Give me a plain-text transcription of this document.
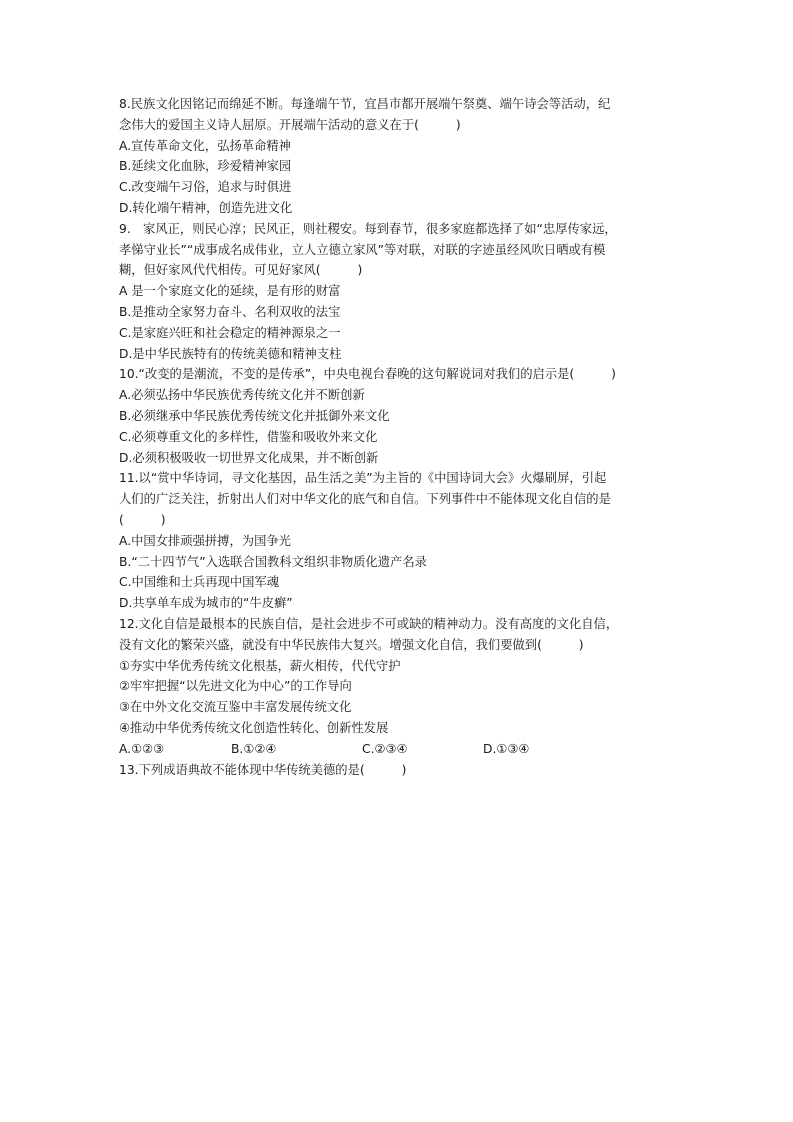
8.民族文化因铭记而绵延不断。每逢端午节，宜昌市都开展端午祭奠、端午诗会等活动，纪
念伟大的爱国主义诗人屈原。开展端午活动的意义在于(　　　)
A.宣传革命文化，弘扬革命精神
B.延续文化血脉，珍爱精神家园
C.改变端午习俗，追求与时俱进
D.转化端午精神，创造先进文化
9.　家风正，则民心淳；民风正，则社稷安。每到春节，很多家庭都选择了如“忠厚传家远，
孝悌守业长”“成事成名成伟业，立人立德立家风”等对联，对联的字迹虽经风吹日晒或有模
糊，但好家风代代相传。可见好家风(　　　)
A 是一个家庭文化的延续，是有形的财富
B.是推动全家努力奋斗、名利双收的法宝
C.是家庭兴旺和社会稳定的精神源泉之一
D.是中华民族特有的传统美德和精神支柱
10.“改变的是潮流，不变的是传承”，中央电视台春晚的这句解说词对我们的启示是(　　　)
A.必须弘扬中华民族优秀传统文化并不断创新
B.必须继承中华民族优秀传统文化并抵御外来文化
C.必须尊重文化的多样性，借鉴和吸收外来文化
D.必须积极吸收一切世界文化成果，并不断创新
11.以“赏中华诗词，寻文化基因，品生活之美”为主旨的《中国诗词大会》火爆刷屏，引起
人们的广泛关注，折射出人们对中华文化的底气和自信。下列事件中不能体现文化自信的是
(　　　)
A.中国女排顽强拼搏，为国争光
B.“二十四节气”入选联合国教科文组织非物质化遗产名录
C.中国维和士兵再现中国军魂
D.共享单车成为城市的“牛皮癣”
12.文化自信是最根本的民族自信，是社会进步不可或缺的精神动力。没有高度的文化自信，
没有文化的繁荣兴盛，就没有中华民族伟大复兴。增强文化自信，我们要做到(　　　)
①夯实中华优秀传统文化根基，薪火相传，代代守护
②牢牢把握“以先进文化为中心”的工作导向
③在中外文化交流互鉴中丰富发展传统文化
④推动中华优秀传统文化创造性转化、创新性发展
A.①②③	B.①②④	C.②③④	D.①③④
13.下列成语典故不能体现中华传统美德的是(　　　)
